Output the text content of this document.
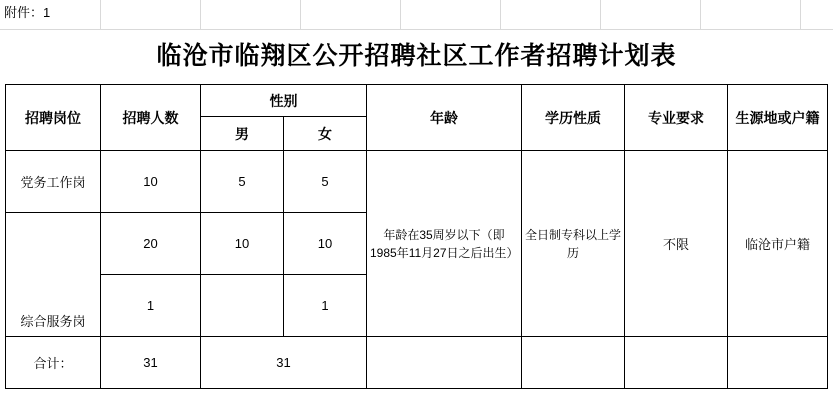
附件：1
临沧市临翔区公开招聘社区工作者招聘计划表
招聘岗位	招聘人数	性别		年龄	学历性质	专业要求	生源地或户籍
		男	女				
党务工作岗	10	5	5	年龄在35周岁以下（即1985年11月27日之后出生）	全日制专科以上学历	不限	临沧市户籍
综合服务岗	20	10	10				
	1		1				
合计：	31	31					
